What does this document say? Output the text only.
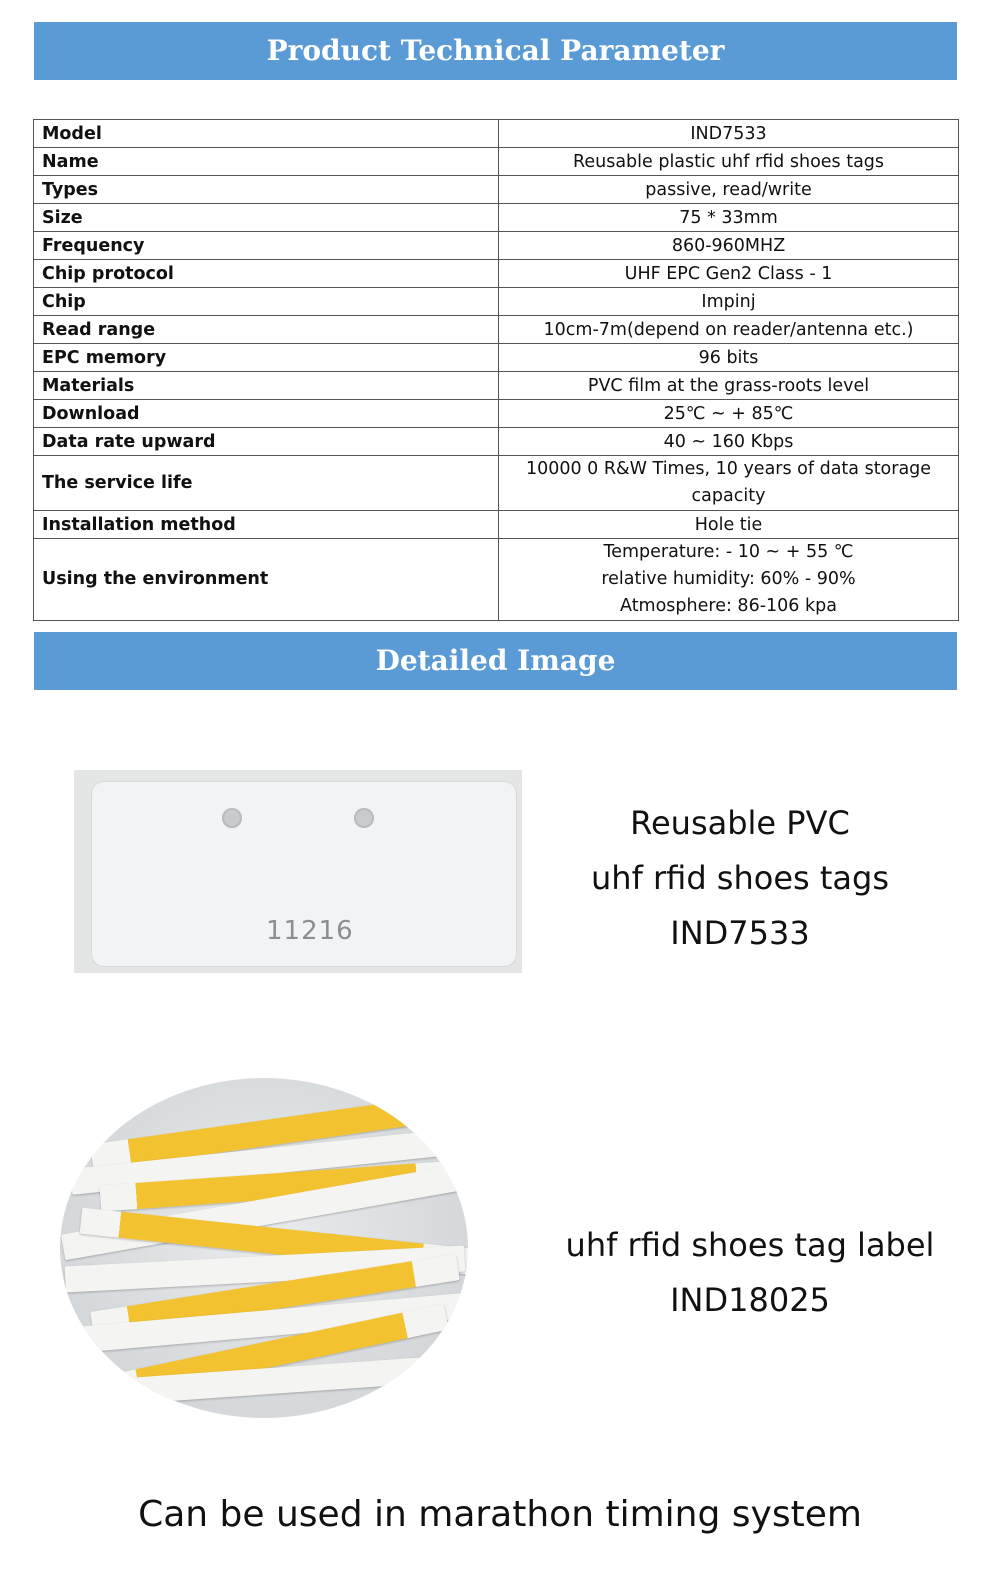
Product Technical Parameter
Model	IND7533

Name	Reusable plastic uhf rfid shoes tags

Types	passive, read/write

Size	75 * 33mm

Frequency	860-960MHZ

Chip protocol	UHF EPC Gen2 Class - 1

Chip	Impinj

Read range	10cm-7m(depend on reader/antenna etc.)

EPC memory	96 bits

Materials	PVC film at the grass-roots level

Download	25℃ ~ + 85℃

Data rate upward	40 ~ 160 Kbps

The service life	10000 0 R&W Times, 10 years of data storage
capacity

Installation method	Hole tie

Using the environment	Temperature: - 10 ~ + 55 ℃
relative humidity: 60% - 90%
Atmosphere: 86-106 kpa
Detailed Image
11216
Reusable PVC
uhf rfid shoes tags
IND7533
uhf rfid shoes tag label
IND18025
Can be used in marathon timing system
